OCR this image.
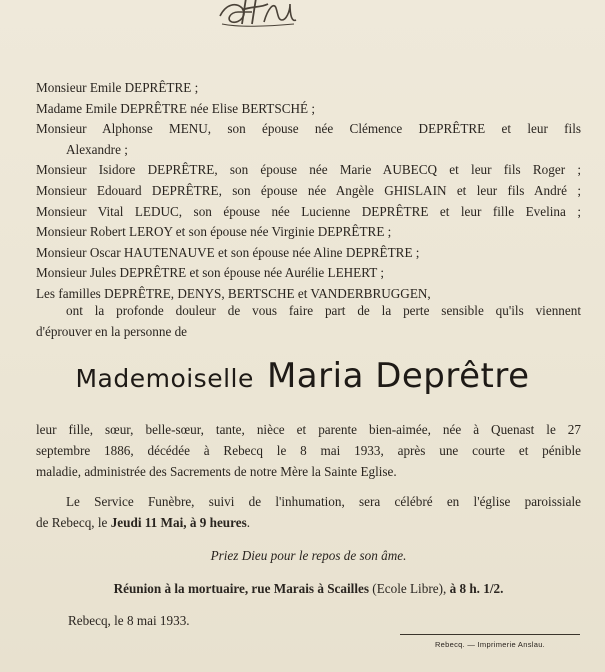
Monsieur Emile DEPRÊTRE ;
Madame Emile DEPRÊTRE née Elise BERTSCHÉ ;
Monsieur Alphonse MENU, son épouse née Clémence DEPRÊTRE et leur fils
Alexandre ;
Monsieur Isidore DEPRÊTRE, son épouse née Marie AUBECQ et leur fils Roger ;
Monsieur Edouard DEPRÊTRE, son épouse née Angèle GHISLAIN et leur fils André ;
Monsieur Vital LEDUC, son épouse née Lucienne DEPRÊTRE et leur fille Evelina ;
Monsieur Robert LEROY et son épouse née Virginie DEPRÊTRE ;
Monsieur Oscar HAUTENAUVE et son épouse née Aline DEPRÊTRE ;
Monsieur Jules DEPRÊTRE et son épouse née Aurélie LEHERT ;
Les familles DEPRÊTRE, DENYS, BERTSCHE et VANDERBRUGGEN,
ont la profonde douleur de vous faire part de la perte sensible qu'ils viennent
d'éprouver en la personne de
Mademoiselle Maria Deprêtre
leur fille, sœur, belle-sœur, tante, nièce et parente bien-aimée, née à Quenast le 27
septembre 1886, décédée à Rebecq le 8 mai 1933, après une courte et pénible
maladie, administrée des Sacrements de notre Mère la Sainte Eglise.
Le Service Funèbre, suivi de l'inhumation, sera célébré en l'église paroissiale
de Rebecq, le Jeudi 11 Mai, à 9 heures.
Priez Dieu pour le repos de son âme.
Réunion à la mortuaire, rue Marais à Scailles (Ecole Libre), à 8 h. 1/2.
Rebecq, le 8 mai 1933.
Rebecq. — Imprimerie Anslau.
